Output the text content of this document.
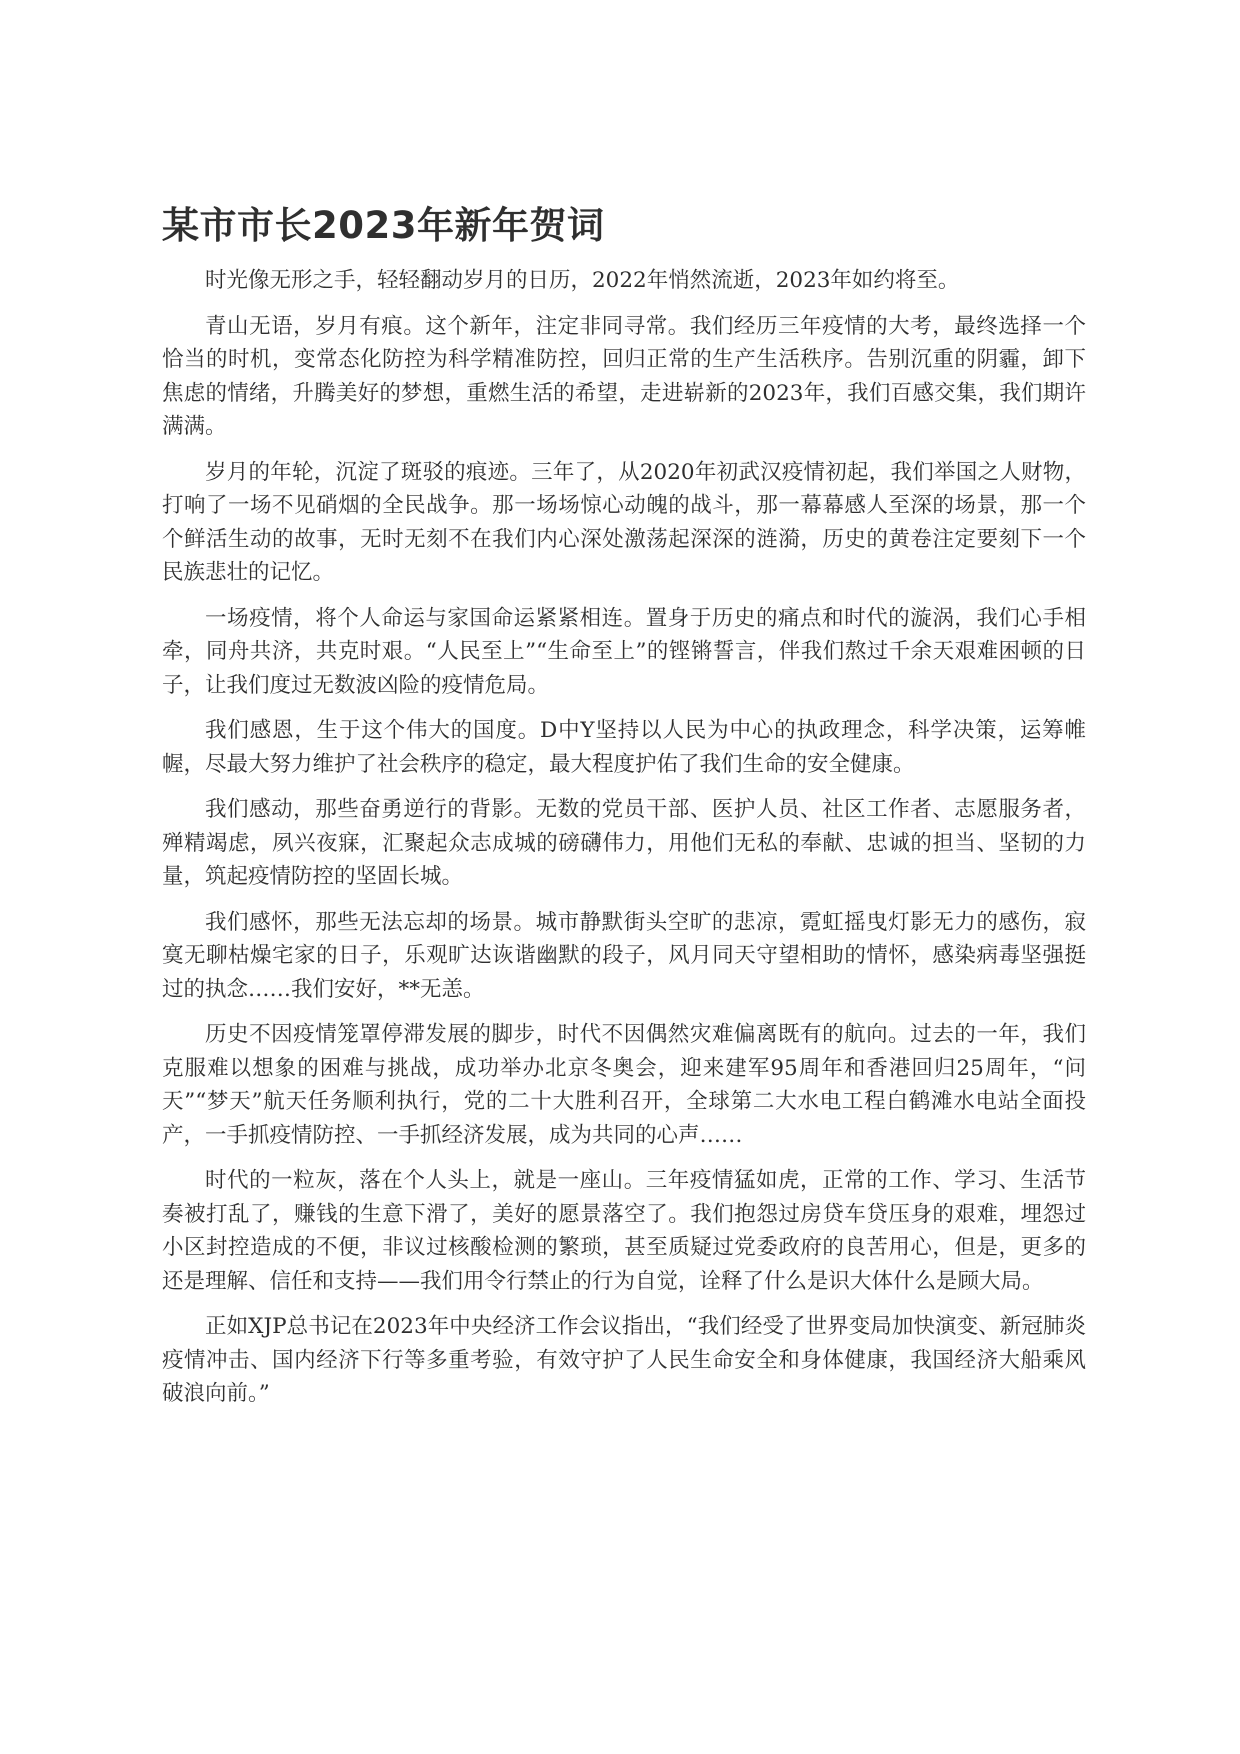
某市市长2023年新年贺词

时光像无形之手，轻轻翻动岁月的日历，2022年悄然流逝，2023年如约将至。

青山无语，岁月有痕。这个新年，注定非同寻常。我们经历三年疫情的大考，最终选择一个恰当的时机，变常态化防控为科学精准防控，回归正常的生产生活秩序。告别沉重的阴霾，卸下焦虑的情绪，升腾美好的梦想，重燃生活的希望，走进崭新的2023年，我们百感交集，我们期许满满。

岁月的年轮，沉淀了斑驳的痕迹。三年了，从2020年初武汉疫情初起，我们举国之人财物，打响了一场不见硝烟的全民战争。那一场场惊心动魄的战斗，那一幕幕感人至深的场景，那一个个鲜活生动的故事，无时无刻不在我们内心深处激荡起深深的涟漪，历史的黄卷注定要刻下一个民族悲壮的记忆。

一场疫情，将个人命运与家国命运紧紧相连。置身于历史的痛点和时代的漩涡，我们心手相牵，同舟共济，共克时艰。“人民至上”“生命至上”的铿锵誓言，伴我们熬过千余天艰难困顿的日子，让我们度过无数波凶险的疫情危局。

我们感恩，生于这个伟大的国度。D中Y坚持以人民为中心的执政理念，科学决策，运筹帷幄，尽最大努力维护了社会秩序的稳定，最大程度护佑了我们生命的安全健康。

我们感动，那些奋勇逆行的背影。无数的党员干部、医护人员、社区工作者、志愿服务者，殚精竭虑，夙兴夜寐，汇聚起众志成城的磅礴伟力，用他们无私的奉献、忠诚的担当、坚韧的力量，筑起疫情防控的坚固长城。

我们感怀，那些无法忘却的场景。城市静默街头空旷的悲凉，霓虹摇曳灯影无力的感伤，寂寞无聊枯燥宅家的日子，乐观旷达诙谐幽默的段子，风月同天守望相助的情怀，感染病毒坚强挺过的执念……我们安好，**无恙。

历史不因疫情笼罩停滞发展的脚步，时代不因偶然灾难偏离既有的航向。过去的一年，我们克服难以想象的困难与挑战，成功举办北京冬奥会，迎来建军95周年和香港回归25周年，“问天”“梦天”航天任务顺利执行，党的二十大胜利召开，全球第二大水电工程白鹤滩水电站全面投产，一手抓疫情防控、一手抓经济发展，成为共同的心声……

时代的一粒灰，落在个人头上，就是一座山。三年疫情猛如虎，正常的工作、学习、生活节奏被打乱了，赚钱的生意下滑了，美好的愿景落空了。我们抱怨过房贷车贷压身的艰难，埋怨过小区封控造成的不便，非议过核酸检测的繁琐，甚至质疑过党委政府的良苦用心，但是，更多的还是理解、信任和支持——我们用令行禁止的行为自觉，诠释了什么是识大体什么是顾大局。

正如XJP总书记在2023年中央经济工作会议指出，“我们经受了世界变局加快演变、新冠肺炎疫情冲击、国内经济下行等多重考验，有效守护了人民生命安全和身体健康，我国经济大船乘风破浪向前。”
